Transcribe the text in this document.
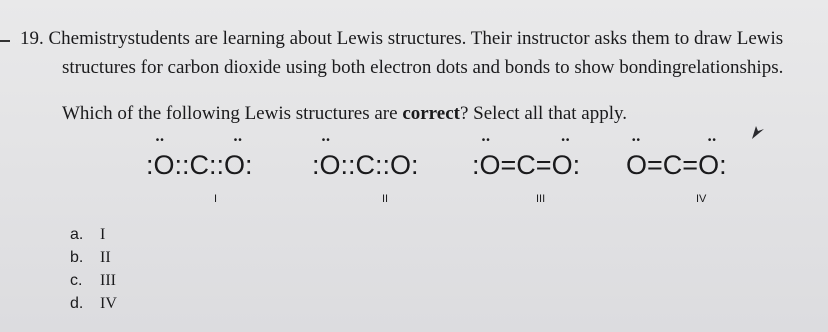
19. Chemistrystudents are learning about Lewis structures. Their instructor asks them to draw Lewis
structures for carbon dioxide using both electron dots and bonds to show bondingrelationships.
Which of the following Lewis structures are correct? Select all that apply.
•• :O::C::•• O: •• :O::C::O: •• :O=C=•• O: •• O=C=•• O:
I	II	III	IV
a. I
b. II
c. III
d. IV
